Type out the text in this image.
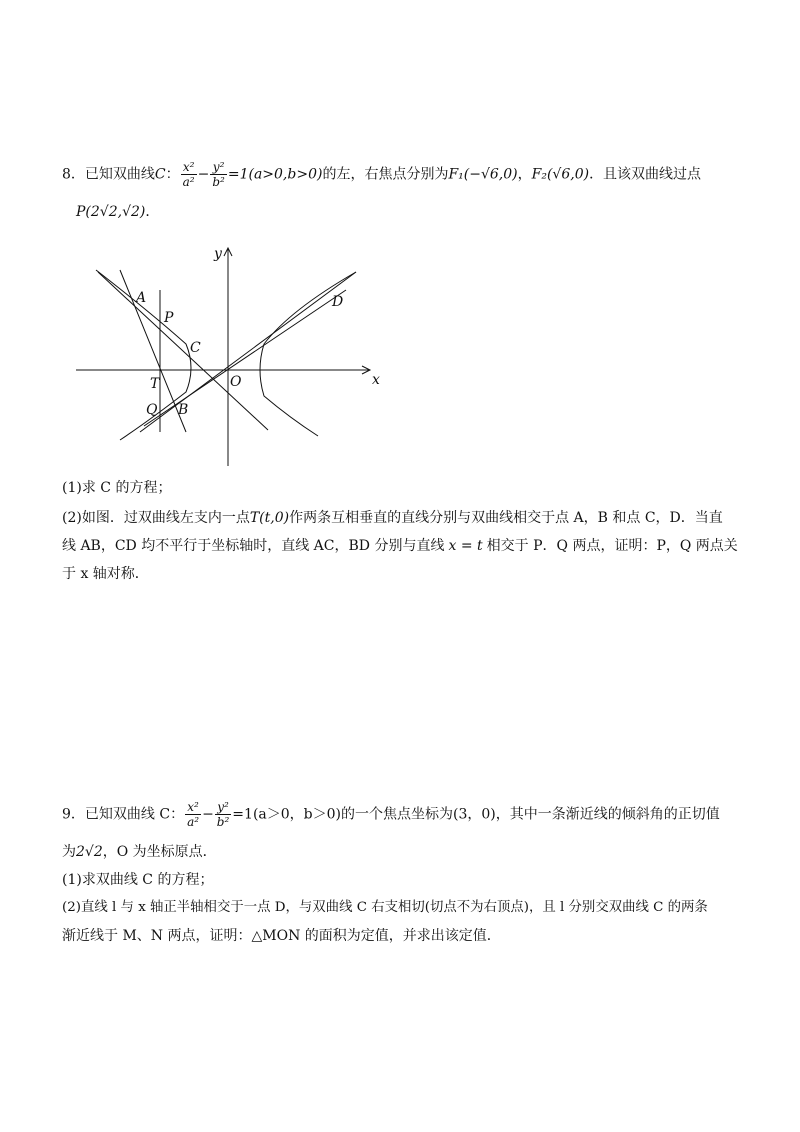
8．已知双曲线C： $\frac{\text{x²}}{\text{a²}} - \frac{\text{y²}}{\text{b²}} =1(a>0,b>0)$的左，右焦点分别为F₁(−√6,0)，F₂(√6,0)．且该双曲线过点
P(2√2,√2)．
y
x
A
P
C
D
T	O
Q B
(1)求 C 的方程；
(2)如图．过双曲线左支内一点T(t,0)作两条互相垂直的直线分别与双曲线相交于点 A，B 和点 C，D．当直
线 AB，CD 均不平行于坐标轴时，直线 AC，BD 分别与直线 x = t 相交于 P．Q 两点，证明：P，Q 两点关
于 x 轴对称．
9．已知双曲线 C： $\frac{\text{x²}}{\text{a²}} - \frac{\text{y²}}{\text{b²}} =1(a>0$，b＞0)的一个焦点坐标为(3，0)，其中一条渐近线的倾斜角的正切值
为2√2，O 为坐标原点．
(1)求双曲线 C 的方程；
(2)直线 l 与 x 轴正半轴相交于一点 D，与双曲线 C 右支相切(切点不为右顶点)，且 l 分别交双曲线 C 的两条
渐近线于 M、N 两点，证明：△MON 的面积为定值，并求出该定值．
